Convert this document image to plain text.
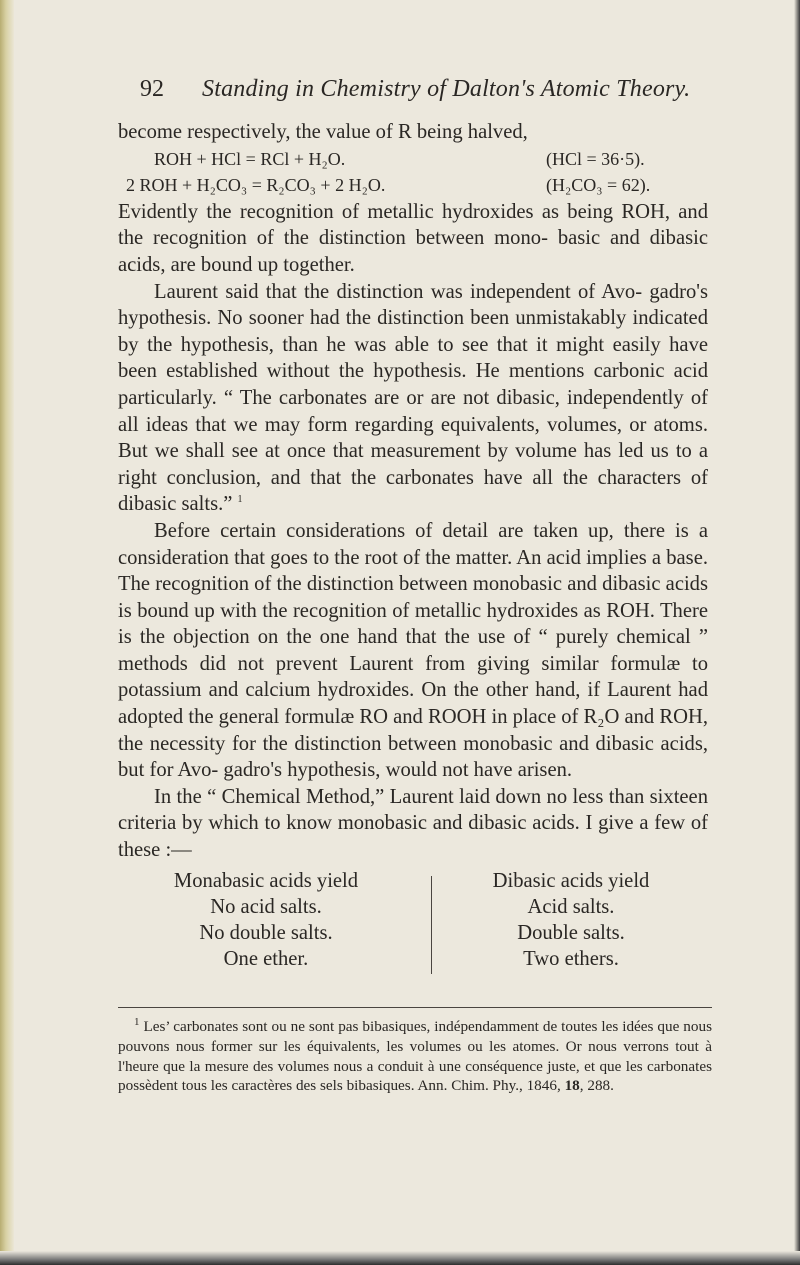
92 Standing in Chemistry of Dalton's Atomic Theory.

become respectively, the value of R being halved,

ROH + HCl = RCl + H₂O.	(HCl = 36·5).
2 ROH + H₂CO₃ = R₂CO₃ + 2 H₂O.	(H₂CO₃ = 62).

Evidently the recognition of metallic hydroxides as being ROH, and the recognition of the distinction between mono- basic and dibasic acids, are bound up together.

Laurent said that the distinction was independent of Avo- gadro's hypothesis. No sooner had the distinction been unmistakably indicated by the hypothesis, than he was able to see that it might easily have been established without the hypothesis. He mentions carbonic acid particularly. “ The carbonates are or are not dibasic, independently of all ideas that we may form regarding equivalents, volumes, or atoms. But we shall see at once that measurement by volume has led us to a right conclusion, and that the carbonates have all the characters of dibasic salts.” $^1$

Before certain considerations of detail are taken up, there is a consideration that goes to the root of the matter. An acid implies a base. The recognition of the distinction between monobasic and dibasic acids is bound up with the recognition of metallic hydroxides as ROH. There is the objection on the one hand that the use of “ purely chemical ” methods did not prevent Laurent from giving similar formulæ to potassium and calcium hydroxides. On the other hand, if Laurent had adopted the general formulæ RO and ROOH in place of R₂O and ROH, the necessity for the distinction between monobasic and dibasic acids, but for Avo- gadro's hypothesis, would not have arisen.

In the “ Chemical Method,” Laurent laid down no less than sixteen criteria by which to know monobasic and dibasic acids. I give a few of these :—

Monabasic acids yield
No acid salts.
No double salts.
One ether.
Dibasic acids yield
Acid salts.
Double salts.
Two ethers.

$^1$ Les’ carbonates sont ou ne sont pas bibasiques, indépendamment de toutes les idées que nous pouvons nous former sur les équivalents, les volumes ou les atomes. Or nous verrons tout à l'heure que la mesure des volumes nous a conduit à une conséquence juste, et que les carbonates possèdent tous les caractères des sels bibasiques. Ann. Chim. Phy., 1846, 18, 288.
